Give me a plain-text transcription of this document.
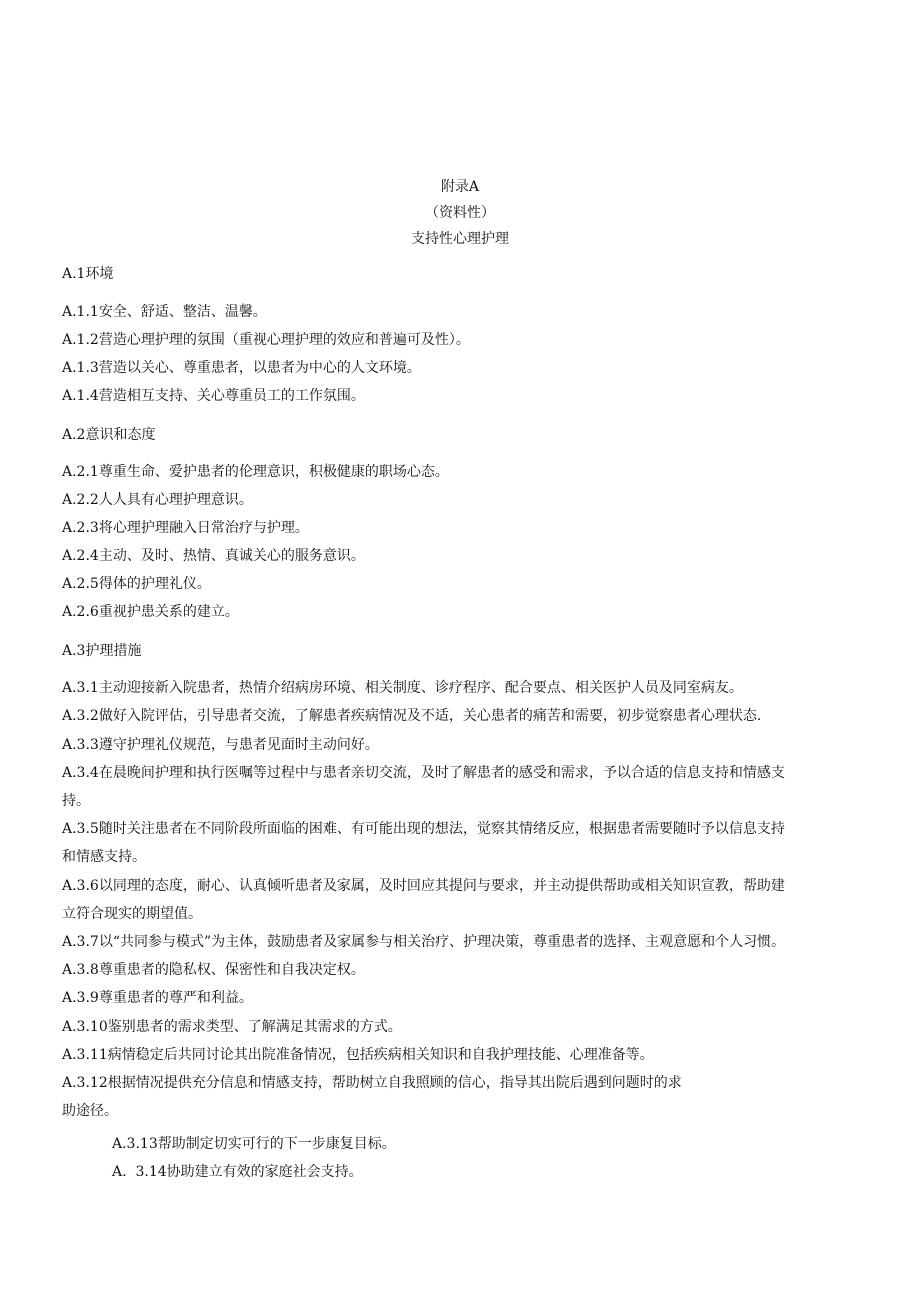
附录A
（资料性）
支持性心理护理
A.1环境
A.1.1安全、舒适、整洁、温馨。
A.1.2营造心理护理的氛围（重视心理护理的效应和普遍可及性）。
A.1.3营造以关心、尊重患者，以患者为中心的人文环境。
A.1.4营造相互支持、关心尊重员工的工作氛围。
A.2意识和态度
A.2.1尊重生命、爱护患者的伦理意识，积极健康的职场心态。
A.2.2人人具有心理护理意识。
A.2.3将心理护理融入日常治疗与护理。
A.2.4主动、及时、热情、真诚关心的服务意识。
A.2.5得体的护理礼仪。
A.2.6重视护患关系的建立。
A.3护理措施
A.3.1主动迎接新入院患者，热情介绍病房环境、相关制度、诊疗程序、配合要点、相关医护人员及同室病友。
A.3.2做好入院评估，引导患者交流，了解患者疾病情况及不适，关心患者的痛苦和需要，初步觉察患者心理状态.
A.3.3遵守护理礼仪规范，与患者见面时主动问好。
A.3.4在晨晚间护理和执行医嘱等过程中与患者亲切交流，及时了解患者的感受和需求，予以合适的信息支持和情感支
持。
A.3.5随时关注患者在不同阶段所面临的困难、有可能出现的想法，觉察其情绪反应，根据患者需要随时予以信息支持
和情感支持。
A.3.6以同理的态度，耐心、认真倾听患者及家属，及时回应其提问与要求，并主动提供帮助或相关知识宣教，帮助建
立符合现实的期望值。
A.3.7以“共同参与模式”为主体，鼓励患者及家属参与相关治疗、护理决策，尊重患者的选择、主观意愿和个人习惯。
A.3.8尊重患者的隐私权、保密性和自我决定权。
A.3.9尊重患者的尊严和利益。
A.3.10鉴别患者的需求类型、了解满足其需求的方式。
A.3.11病情稳定后共同讨论其出院准备情况，包括疾病相关知识和自我护理技能、心理准备等。
A.3.12根据情况提供充分信息和情感支持，帮助树立自我照顾的信心，指导其出院后遇到问题时的求
助途径。
A.3.13帮助制定切实可行的下一步康复目标。
A.  3.14协助建立有效的家庭社会支持。
